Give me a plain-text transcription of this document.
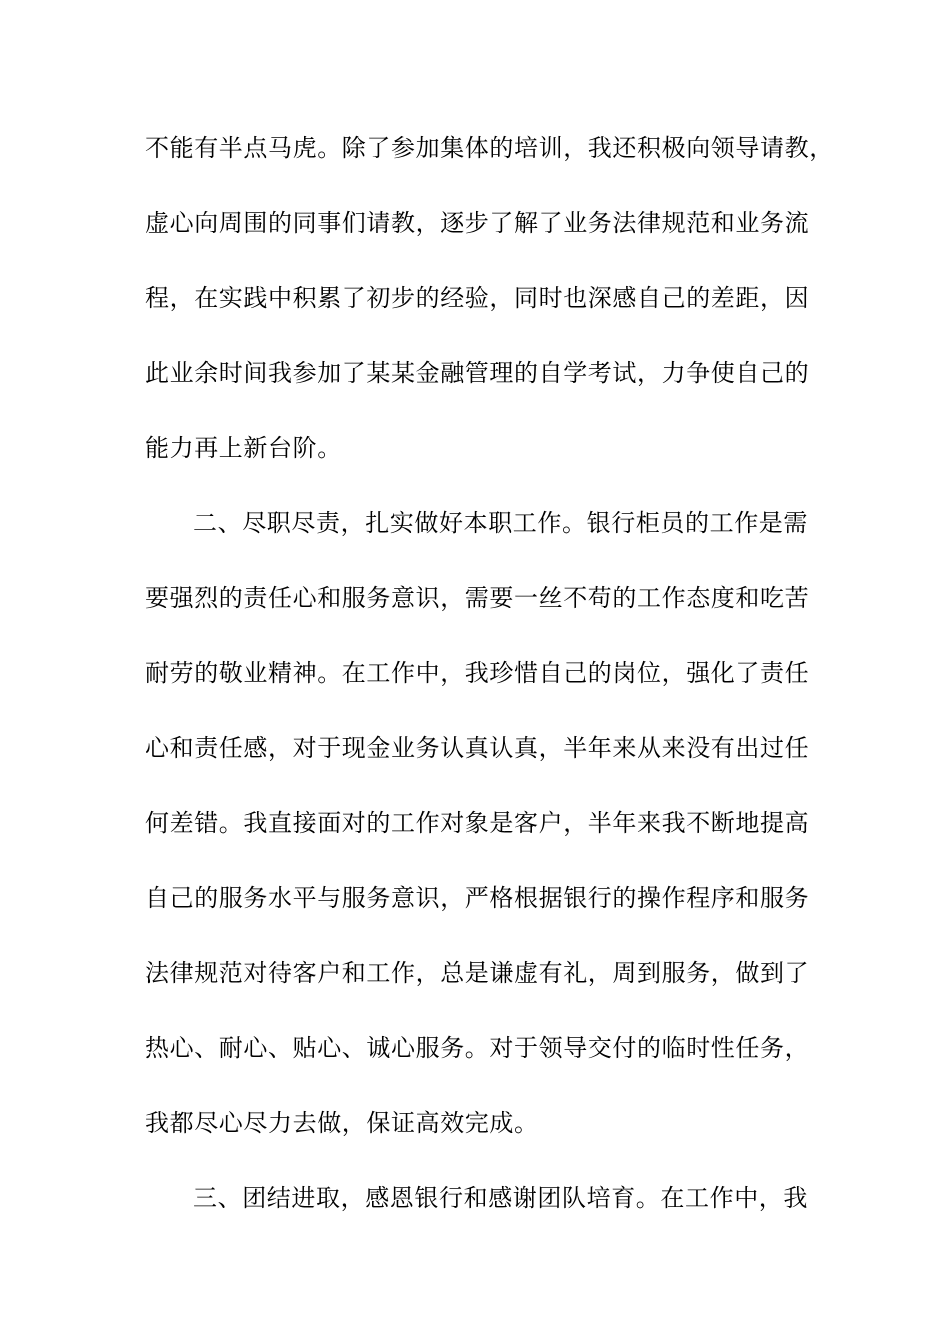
不能有半点马虎。除了参加集体的培训，我还积极向领导请教，
虚心向周围的同事们请教，逐步了解了业务法律规范和业务流
程，在实践中积累了初步的经验，同时也深感自己的差距，因
此业余时间我参加了某某金融管理的自学考试，力争使自己的
能力再上新台阶。
二、尽职尽责，扎实做好本职工作。银行柜员的工作是需
要强烈的责任心和服务意识，需要一丝不苟的工作态度和吃苦
耐劳的敬业精神。在工作中，我珍惜自己的岗位，强化了责任
心和责任感，对于现金业务认真认真，半年来从来没有出过任
何差错。我直接面对的工作对象是客户，半年来我不断地提高
自己的服务水平与服务意识，严格根据银行的操作程序和服务
法律规范对待客户和工作，总是谦虚有礼，周到服务，做到了
热心、耐心、贴心、诚心服务。对于领导交付的临时性任务，
我都尽心尽力去做，保证高效完成。
三、团结进取，感恩银行和感谢团队培育。在工作中，我
